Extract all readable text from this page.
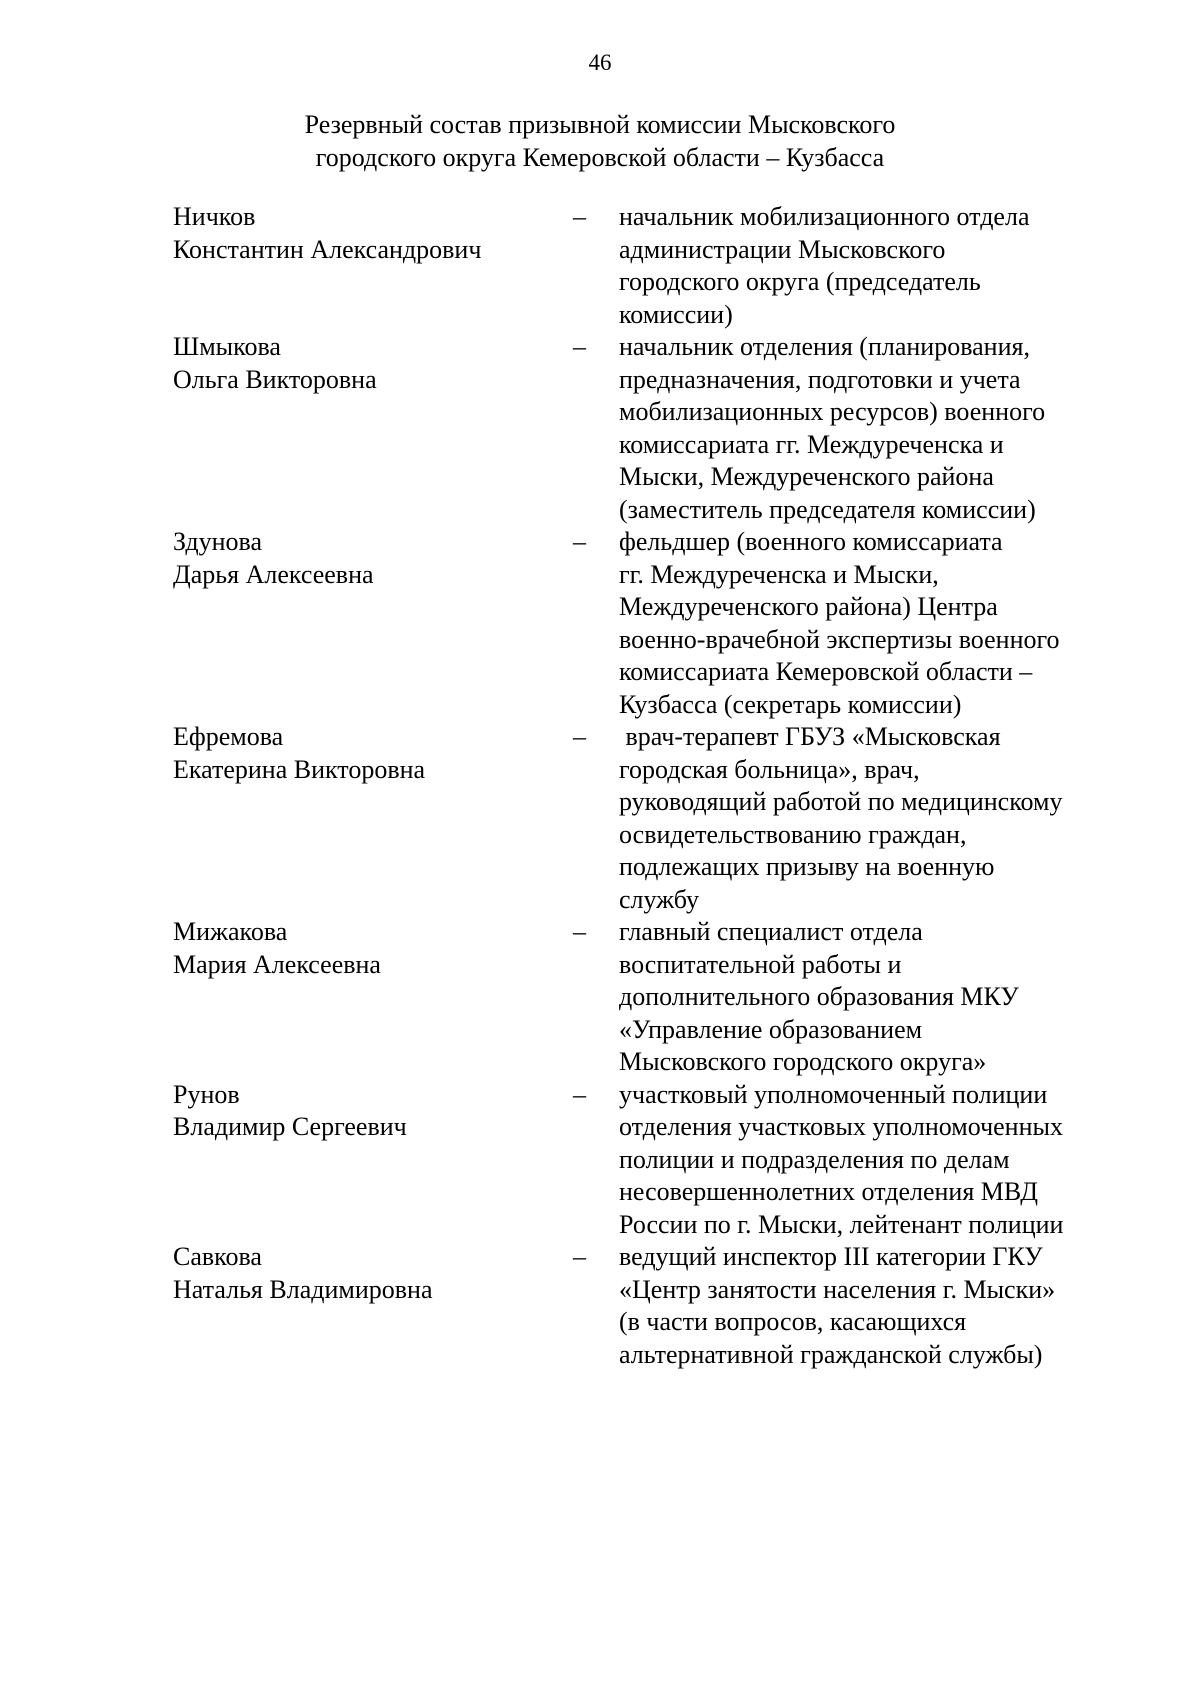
46
Резервный состав призывной комиссии Мысковского
городского округа Кемеровской области – Кузбасса
Ничков
Константин Александрович
–	начальник мобилизационного отдела
администрации Мысковского
городского округа (председатель
комиссии)
Шмыкова
Ольга Викторовна
–	начальник отделения (планирования,
предназначения, подготовки и учета
мобилизационных ресурсов) военного
комиссариата гг. Междуреченска и
Мыски, Междуреченского района
(заместитель председателя комиссии)
Здунова
Дарья Алексеевна
–	фельдшер (военного комиссариата
гг. Междуреченска и Мыски,
Междуреченского района) Центра
военно-врачебной экспертизы военного
комиссариата Кемеровской области –
Кузбасса (секретарь комиссии)
Ефремова
Екатерина Викторовна
–	врач-терапевт ГБУЗ «Мысковская
городская больница», врач,
руководящий работой по медицинскому
освидетельствованию граждан,
подлежащих призыву на военную
службу
Мижакова
Мария Алексеевна
–	главный специалист отдела
воспитательной работы и
дополнительного образования МКУ
«Управление образованием
Мысковского городского округа»
Рунов
Владимир Сергеевич
–	участковый уполномоченный полиции
отделения участковых уполномоченных
полиции и подразделения по делам
несовершеннолетних отделения МВД
России по г. Мыски, лейтенант полиции
Савкова
Наталья Владимировна
–	ведущий инспектор III категории ГКУ
«Центр занятости населения г. Мыски»
(в части вопросов, касающихся
альтернативной гражданской службы)
